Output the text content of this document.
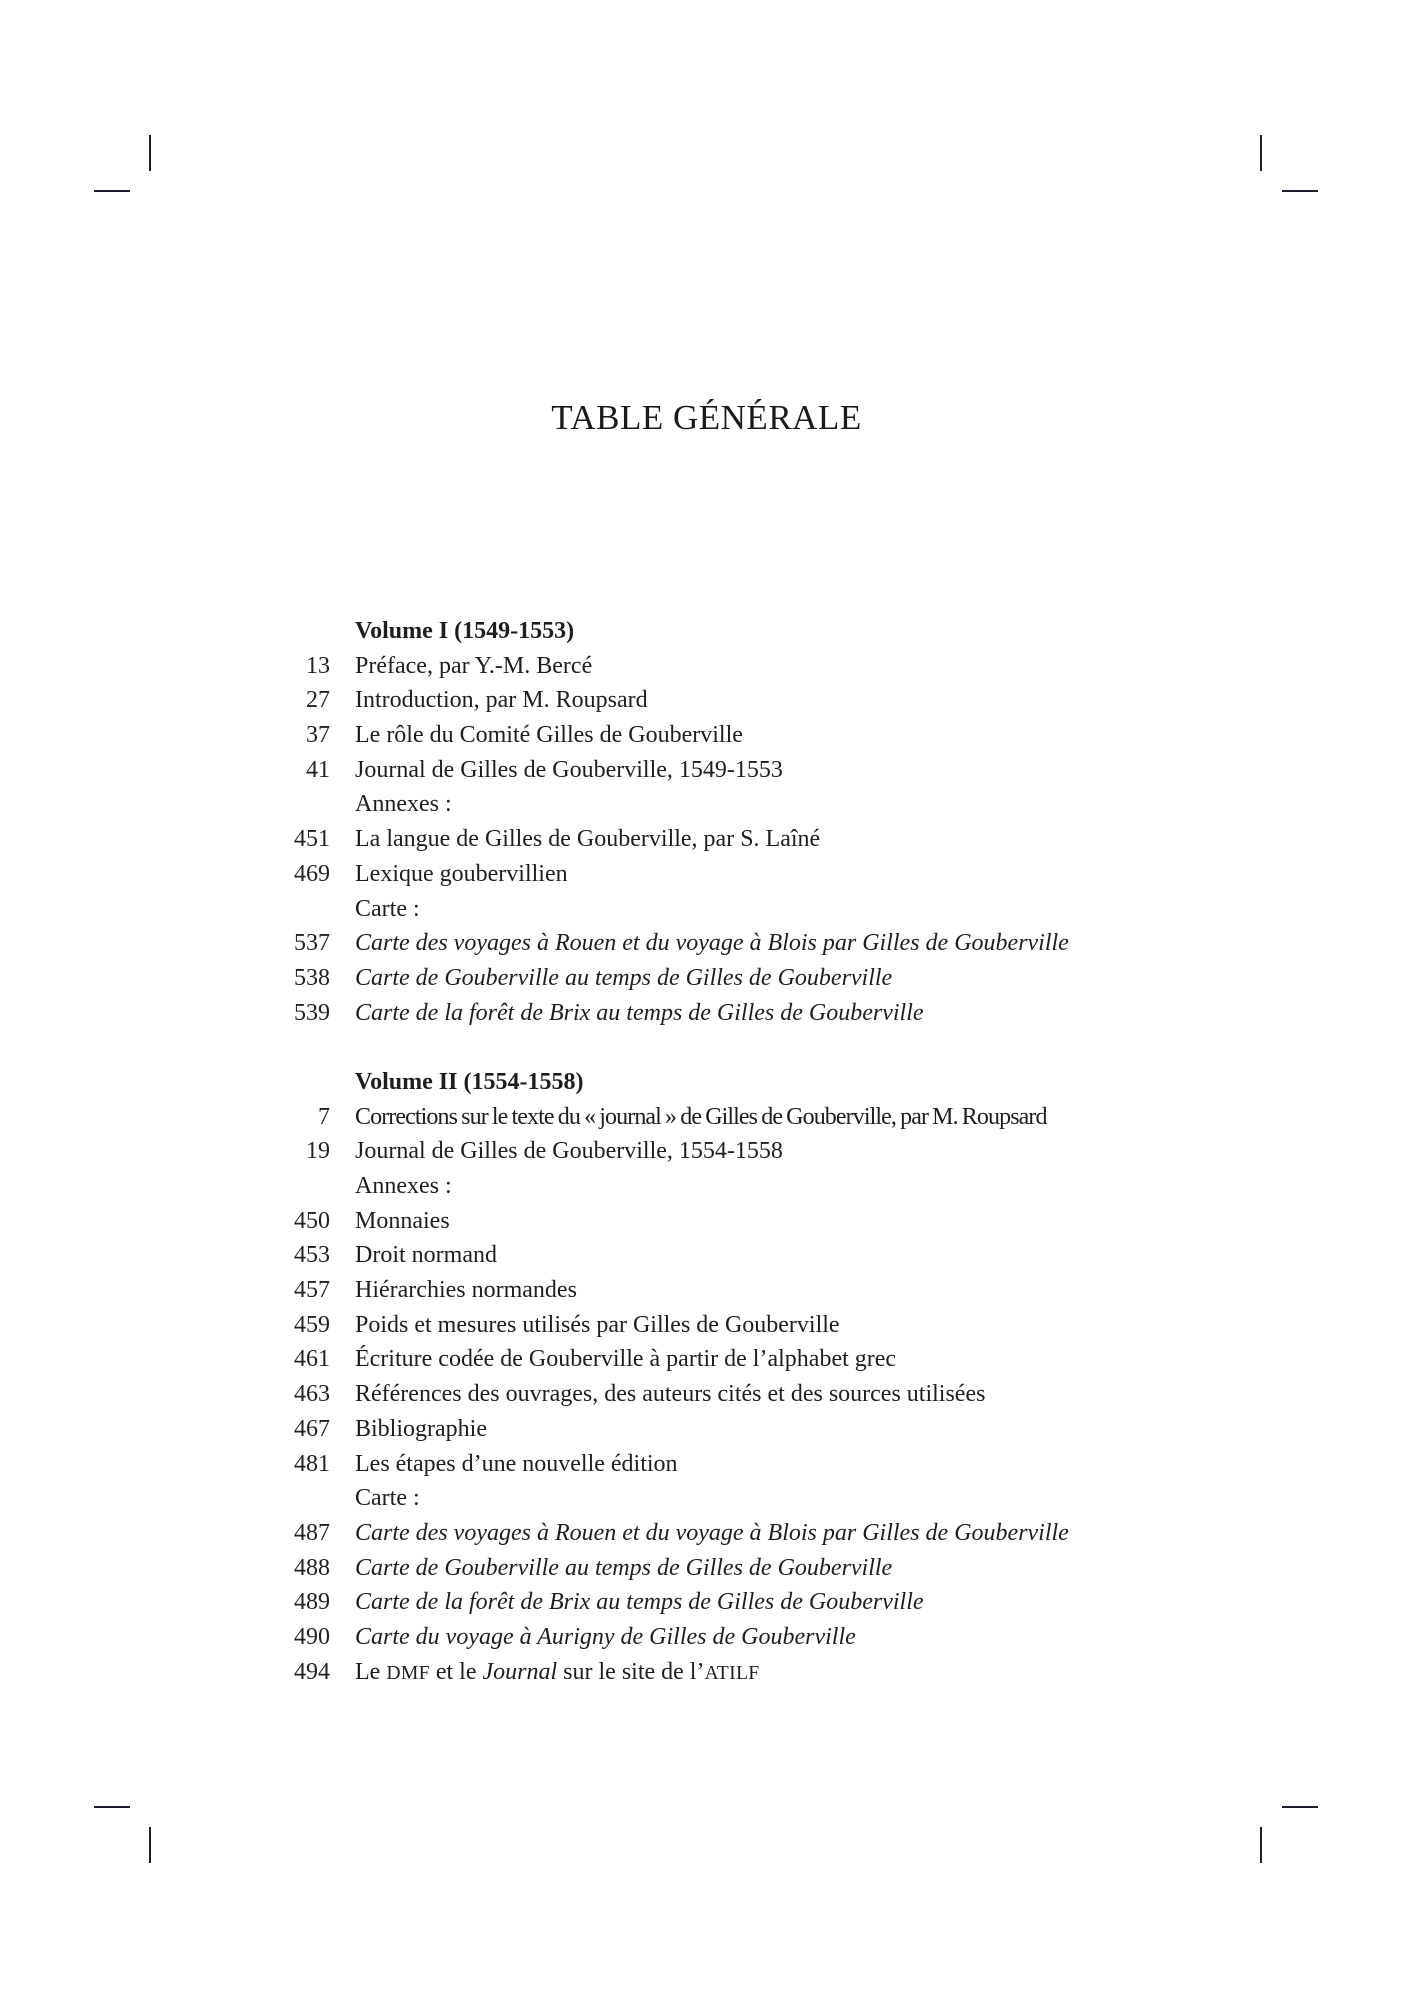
TABLE GÉNÉRALE
Volume I (1549-1553)
13 Préface, par Y.-M. Bercé
27 Introduction, par M. Roupsard
37 Le rôle du Comité Gilles de Gouberville
41 Journal de Gilles de Gouberville, 1549-1553
Annexes :
451 La langue de Gilles de Gouberville, par S. Laîné
469 Lexique goubervillien
Carte :
537 Carte des voyages à Rouen et du voyage à Blois par Gilles de Gouberville
538 Carte de Gouberville au temps de Gilles de Gouberville
539 Carte de la forêt de Brix au temps de Gilles de Gouberville
Volume II (1554-1558)
7 Corrections sur le texte du « journal » de Gilles de Gouberville, par M. Roupsard
19 Journal de Gilles de Gouberville, 1554-1558
Annexes :
450 Monnaies
453 Droit normand
457 Hiérarchies normandes
459 Poids et mesures utilisés par Gilles de Gouberville
461 Écriture codée de Gouberville à partir de l’alphabet grec
463 Références des ouvrages, des auteurs cités et des sources utilisées
467 Bibliographie
481 Les étapes d’une nouvelle édition
Carte :
487 Carte des voyages à Rouen et du voyage à Blois par Gilles de Gouberville
488 Carte de Gouberville au temps de Gilles de Gouberville
489 Carte de la forêt de Brix au temps de Gilles de Gouberville
490 Carte du voyage à Aurigny de Gilles de Gouberville
494 Le DMF et le Journal sur le site de l’ATILF
